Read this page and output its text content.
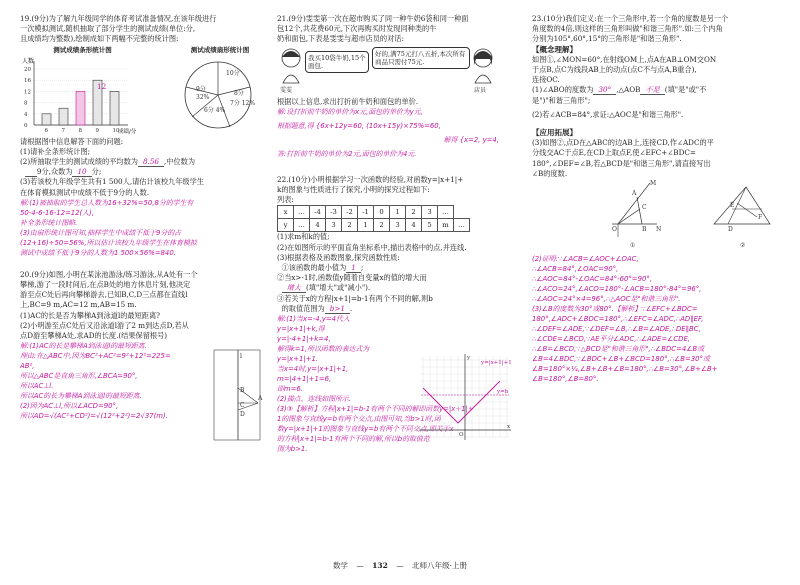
19.(9分)为了解九年级同学的体育考试准备情况,在该年级进行

一次模拟测试,随机抽取了部分学生的测试成绩(单位:分,

且成绩均为整数),绘制成如下两幅不完整的统计图:

测试成绩条形统计图
人数
20
16
12
8
4
0
12
6 7 8 9 10
成绩/分
测试成绩扇形统计图
10分
9分
32%
7分 12%
6分 4%
8分

请根据图中信息解答下面的问题:

(1)请补全条形统计图;

(2)所抽取学生的测试成绩的平均数为 8.56 ,中位数为

9分,众数为 10 分;

(3)若该校九年级学生共有1 500人,请估计该校九年级学生

在体育模拟测试中成绩不低于9分的人数.

解:(1)被抽取的学生总人数为16÷32%=50,8分的学生有

50-4-6-16-12=12(人),

补全条形统计图略.

(3)由扇形统计图可知,抽样学生中成绩不低于9分的占

(12+16)÷50=56%,所以估计该校九年级学生在体育模拟

测试中成绩不低于9分的人数为1 500×56%=840.

20.(9分)如图,小明在某泳池游泳/练习游泳,从A处有一个

攀梯,游了一段时间后,在点B处的地方休息片刻,他决定

游至点C处后再向攀梯游去,已知B,C,D三点都在直线l

上,BC=9 m,AC=12 m,AB=15 m.

(1)AC的长是否为攀梯A到泳道l的最短距离?

(2)小明游至点C处后又沿泳道l游了2 m到达点D,若从

点D游至攀梯A处,求AD的长度.(结果保留根号)

解:(1)AC的长是攀梯A到泳道l的最短距离.

理由:在△ABC中,因为BC²+AC²=9²+12²=225=

AB²,

所以△ABC是直角三角形,∠BCA=90°,

所以AC⊥l.

所以AC的长为攀梯A到泳道l的最短距离.

(2)因为AC⊥l,所以∠ACD=90°,

所以AD=√(AC²+CD²)=√(12²+2²)=2√37(m).

l
A
B
C
D

21.(9分)雯雯第一次在超市购买了同一种牛奶6袋和同一种面

包12个,共花费60元,下次再购买时发现同种类的牛

奶和面包,下表是雯雯与超市店员的对话:

雯雯
我买10袋牛奶,15个面包.
好的,满75元打八五折,本次所有商品只需付75元.
店员

根据以上信息,求出打折前牛奶和面包的单价.

解:设打折前牛奶的单价为x元,面包的单价为y元,

根据题意,得 {6x+12y=60, (10x+15y)×75%=60,

解得 {x=2, y=4,

答:打折前牛奶的单价为2元,面包的单价为4元.

22.(10分)小明根据学习一次函数的经验,对函数y=|x+1|+

k的图象与性质进行了探究,小明的探究过程如下:

列表:

x	…	-4	-3	-2	-1	0	1	2	3	…	
y	…	4	3	2	1	2	3	4	5	m	…

(1)求m和k的值;

(2)在如图所示的平面直角坐标系中,描出表格中的点,并连线.

(3)根据表格及函数图象,探究函数性质:

①该函数的最小值为 1 ;

②当x>-1时,函数值y随着自变量x的值的增大而

增大 (填"增大"或"减小").

③若关于x的方程|x+1|=b-1有两个不同的解,则b

的取值范围为 b>1 .

解:(1)当x=-4,y=4代入

y=|x+1|+k,得

y=|-4+1|+k=4,

解得k=1,所以函数的表达式为

y=|x+1|+1.

当x=4时,y=|x+1|+1,

m=|4+1|+1=6,

即m=6.

(2)描点、连线如图所示.

(3)③【解析】方程|x+1|=b-1有两个不同的解即函数y=|x+1|+

1的图象与直线y=b有两个交点,由图可知,当b>1时,函

数y=|x+1|+1的图象与直线y=b有两个不同交点,即关于x

的方程|x+1|=b-1有两个不同的解,所以b的取值范

围为b>1.

y
O
x
y=|x+1|+1
y=b

23.(10分)我们定义:在一个三角形中,若一个角的度数是另一个

角度数的4倍,则这样的三角形叫做"和谐三角形".如:三个内角

分别为105°,60°,15°的三角形是"和谐三角形".

【概念理解】

如图①,∠MON=60°,在射线OM上,点A在AB⊥OM交ON

于点B,点C为线段AB上的动点(点C不与点A,B重合),

连接OC.

(1)∠ABO的度数为 30° ,△AOB 不是 (填"是"或"不

是")"和谐三角形";

(2)若∠ACB=84°,求证:△AOC是"和谐三角形".

【应用拓展】

(3)如图②,点D在△ABC的边AB上,连接CD,作∠ADC的平

分线交AC于点E,在CD上取点F,使∠EFC+∠BDC=

180°,∠DEF=∠B,若△BCD是"和谐三角形",请直接写出

∠B的度数.

M
A
C
O	B N	D
E
F
①	②

(2)证明:∵∠ACB=∠AOC+∠OAC,

∴∠ACB=84°,∠OAC=90°,

∴∠AOC=84°-∠OAC=84°-60°=90°,

∴∠ACO=24°,∠ACO=180°-∠ACB=180°-84°=96°,

∴∠AOC=24°×4=96°,∴△AOC是"和谐三角形".

(3)∠B的度数为30°或80°.【解析】∵∠EFC+∠BDC=

180°,∠ADC+∠BDC=180°,∴∠EFC=∠ADC,∴AD∥EF,

∴∠DEF=∠ADE,∵∠DEF=∠B,∴∠B=∠ADE,∴DE∥BC,

∴∠CDE=∠BCD,∵AE平分∠ADC,∴∠ADE=∠CDE,

∴∠B=∠BCD,∵△BCD是"和谐三角形",∴∠BDC=4∠B或

∠B=4∠BDC,∵∠BDC+∠B+∠BCD=180°,∴∠B=30°或

∠B=180°×¼,∠B+∠B+∠B=180°,∴∠B=30°,∠B+∠B+

∠B=180°,∠B=80°.

数学 — 132 — 北师八年级·上册
